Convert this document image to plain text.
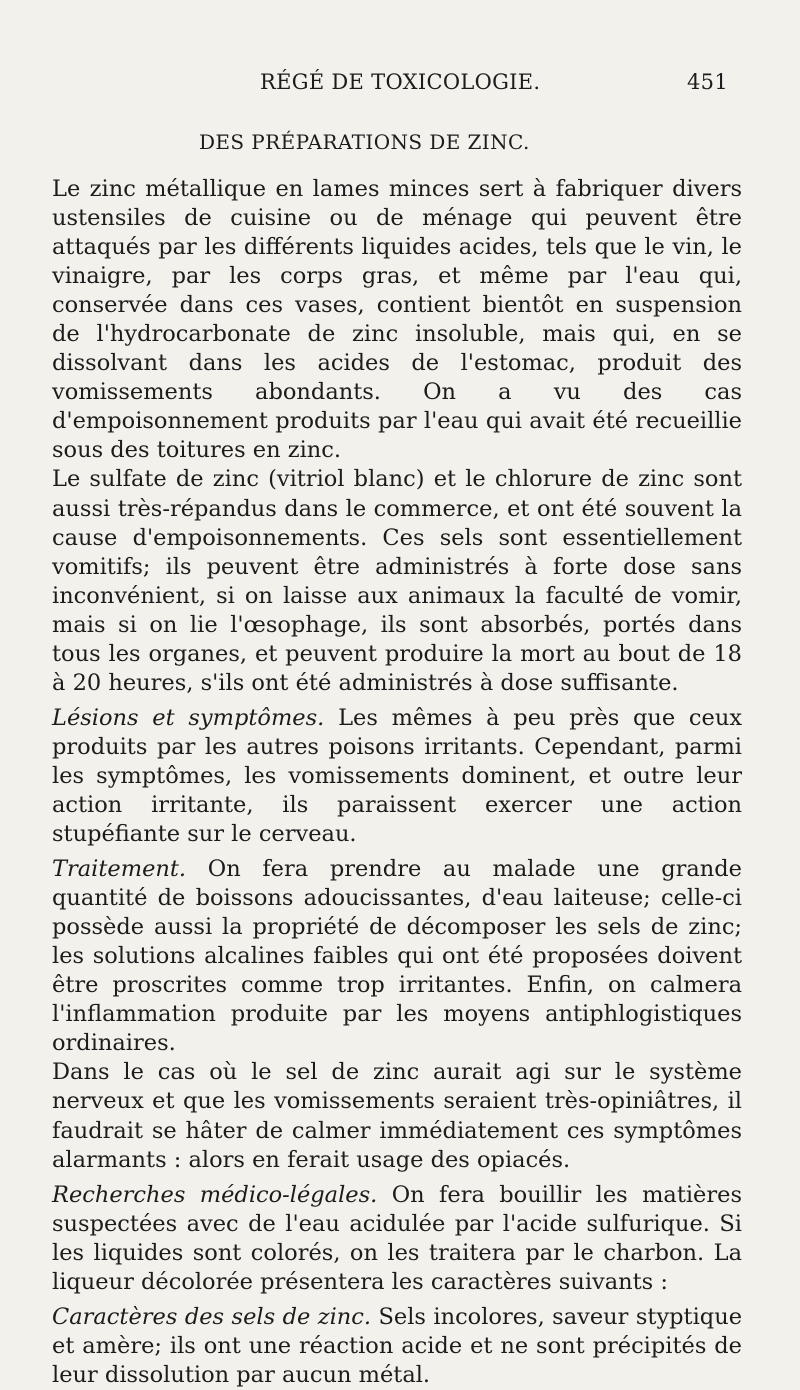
RÉGÉ DE TOXICOLOGIE.	451
DES PRÉPARATIONS DE ZINC.

Le zinc métallique en lames minces sert à fabriquer divers ustensiles de cuisine ou de ménage qui peuvent être attaqués par les différents liquides acides, tels que le vin, le vinaigre, par les corps gras, et même par l'eau qui, conservée dans ces vases, contient bientôt en suspension de l'hydrocarbonate de zinc insoluble, mais qui, en se dissolvant dans les acides de l'estomac, produit des vomissements abondants. On a vu des cas d'empoisonnement produits par l'eau qui avait été recueillie sous des toitures en zinc.

Le sulfate de zinc (vitriol blanc) et le chlorure de zinc sont aussi très-répandus dans le commerce, et ont été souvent la cause d'empoisonnements. Ces sels sont essentiellement vomitifs; ils peuvent être administrés à forte dose sans inconvénient, si on laisse aux animaux la faculté de vomir, mais si on lie l'œsophage, ils sont absorbés, portés dans tous les organes, et peuvent produire la mort au bout de 18 à 20 heures, s'ils ont été administrés à dose suffisante.

Lésions et symptômes. Les mêmes à peu près que ceux produits par les autres poisons irritants. Cependant, parmi les symptômes, les vomissements dominent, et outre leur action irritante, ils paraissent exercer une action stupéfiante sur le cerveau.

Traitement. On fera prendre au malade une grande quantité de boissons adoucissantes, d'eau laiteuse; celle-ci possède aussi la propriété de décomposer les sels de zinc; les solutions alcalines faibles qui ont été proposées doivent être proscrites comme trop irritantes. Enfin, on calmera l'inflammation produite par les moyens antiphlogistiques ordinaires.

Dans le cas où le sel de zinc aurait agi sur le système nerveux et que les vomissements seraient très-opiniâtres, il faudrait se hâter de calmer immédiatement ces symptômes alarmants : alors en ferait usage des opiacés.

Recherches médico-légales. On fera bouillir les matières suspectées avec de l'eau acidulée par l'acide sulfurique. Si les liquides sont colorés, on les traitera par le charbon. La liqueur décolorée présentera les caractères suivants :

Caractères des sels de zinc. Sels incolores, saveur styptique et amère; ils ont une réaction acide et ne sont précipités de leur dissolution par aucun métal.
